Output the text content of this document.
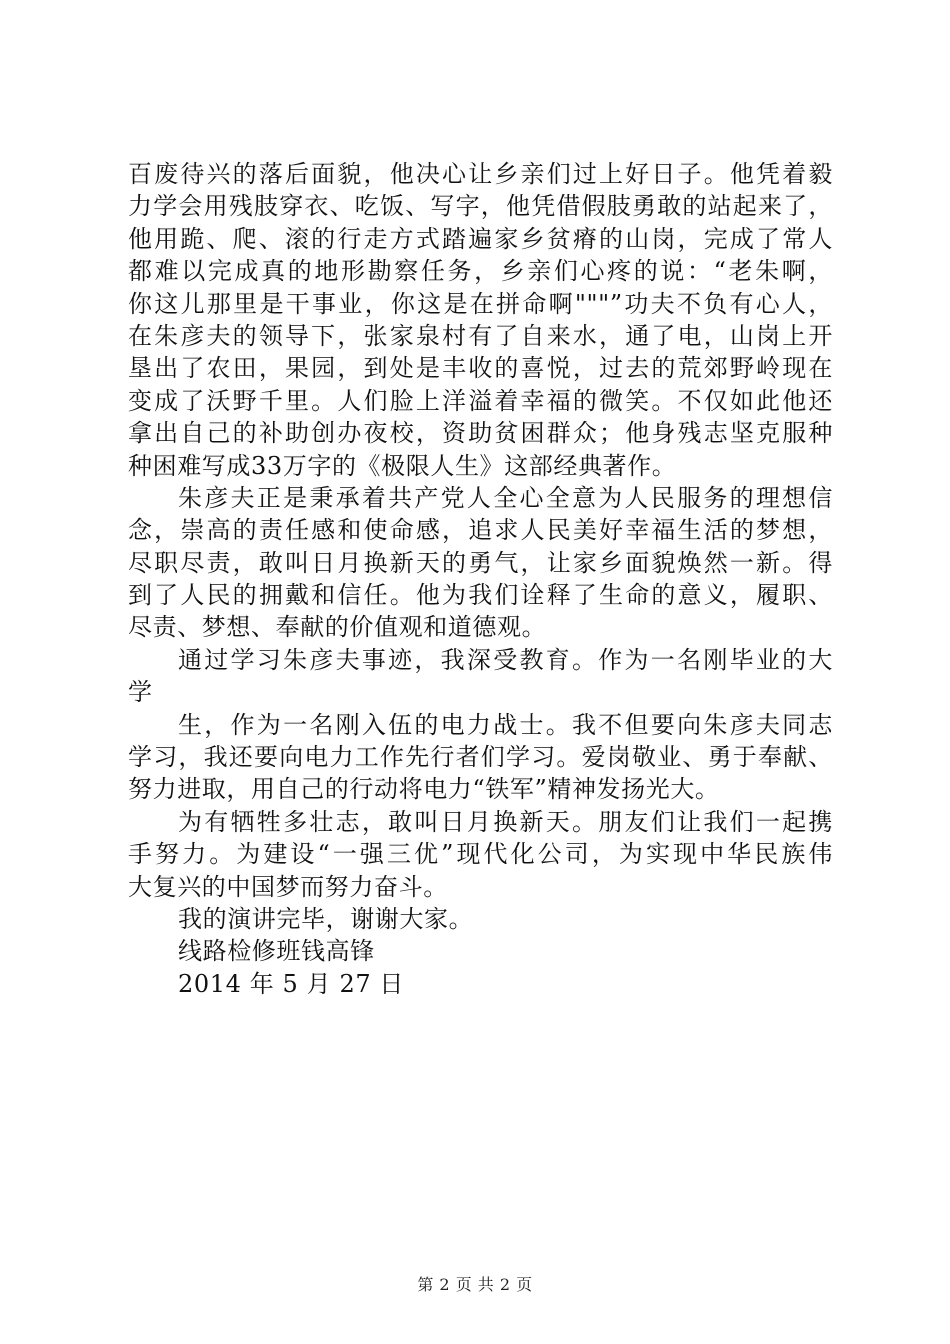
百废待兴的落后面貌，他决心让乡亲们过上好日子。他凭着毅
力学会用残肢穿衣、吃饭、写字，他凭借假肢勇敢的站起来了，
他用跪、爬、滚的行走方式踏遍家乡贫瘠的山岗，完成了常人
都难以完成真的地形勘察任务，乡亲们心疼的说：“老朱啊，
你这儿那里是干事业，你这是在拼命啊"""”功夫不负有心人，
在朱彦夫的领导下，张家泉村有了自来水，通了电，山岗上开
垦出了农田，果园，到处是丰收的喜悦，过去的荒郊野岭现在
变成了沃野千里。人们脸上洋溢着幸福的微笑。不仅如此他还
拿出自己的补助创办夜校，资助贫困群众；他身残志坚克服种
种困难写成33万字的《极限人生》这部经典著作。
朱彦夫正是秉承着共产党人全心全意为人民服务的理想信
念，崇高的责任感和使命感，追求人民美好幸福生活的梦想，
尽职尽责，敢叫日月换新天的勇气，让家乡面貌焕然一新。得
到了人民的拥戴和信任。他为我们诠释了生命的意义，履职、
尽责、梦想、奉献的价值观和道德观。
通过学习朱彦夫事迹，我深受教育。作为一名刚毕业的大
学
生，作为一名刚入伍的电力战士。我不但要向朱彦夫同志
学习，我还要向电力工作先行者们学习。爱岗敬业、勇于奉献、
努力进取，用自己的行动将电力“铁军”精神发扬光大。
为有牺牲多壮志，敢叫日月换新天。朋友们让我们一起携
手努力。为建设“一强三优”现代化公司，为实现中华民族伟
大复兴的中国梦而努力奋斗。
我的演讲完毕，谢谢大家。
线路检修班钱高锋
2014 年 5 月 27 日
第 2 页 共 2 页
